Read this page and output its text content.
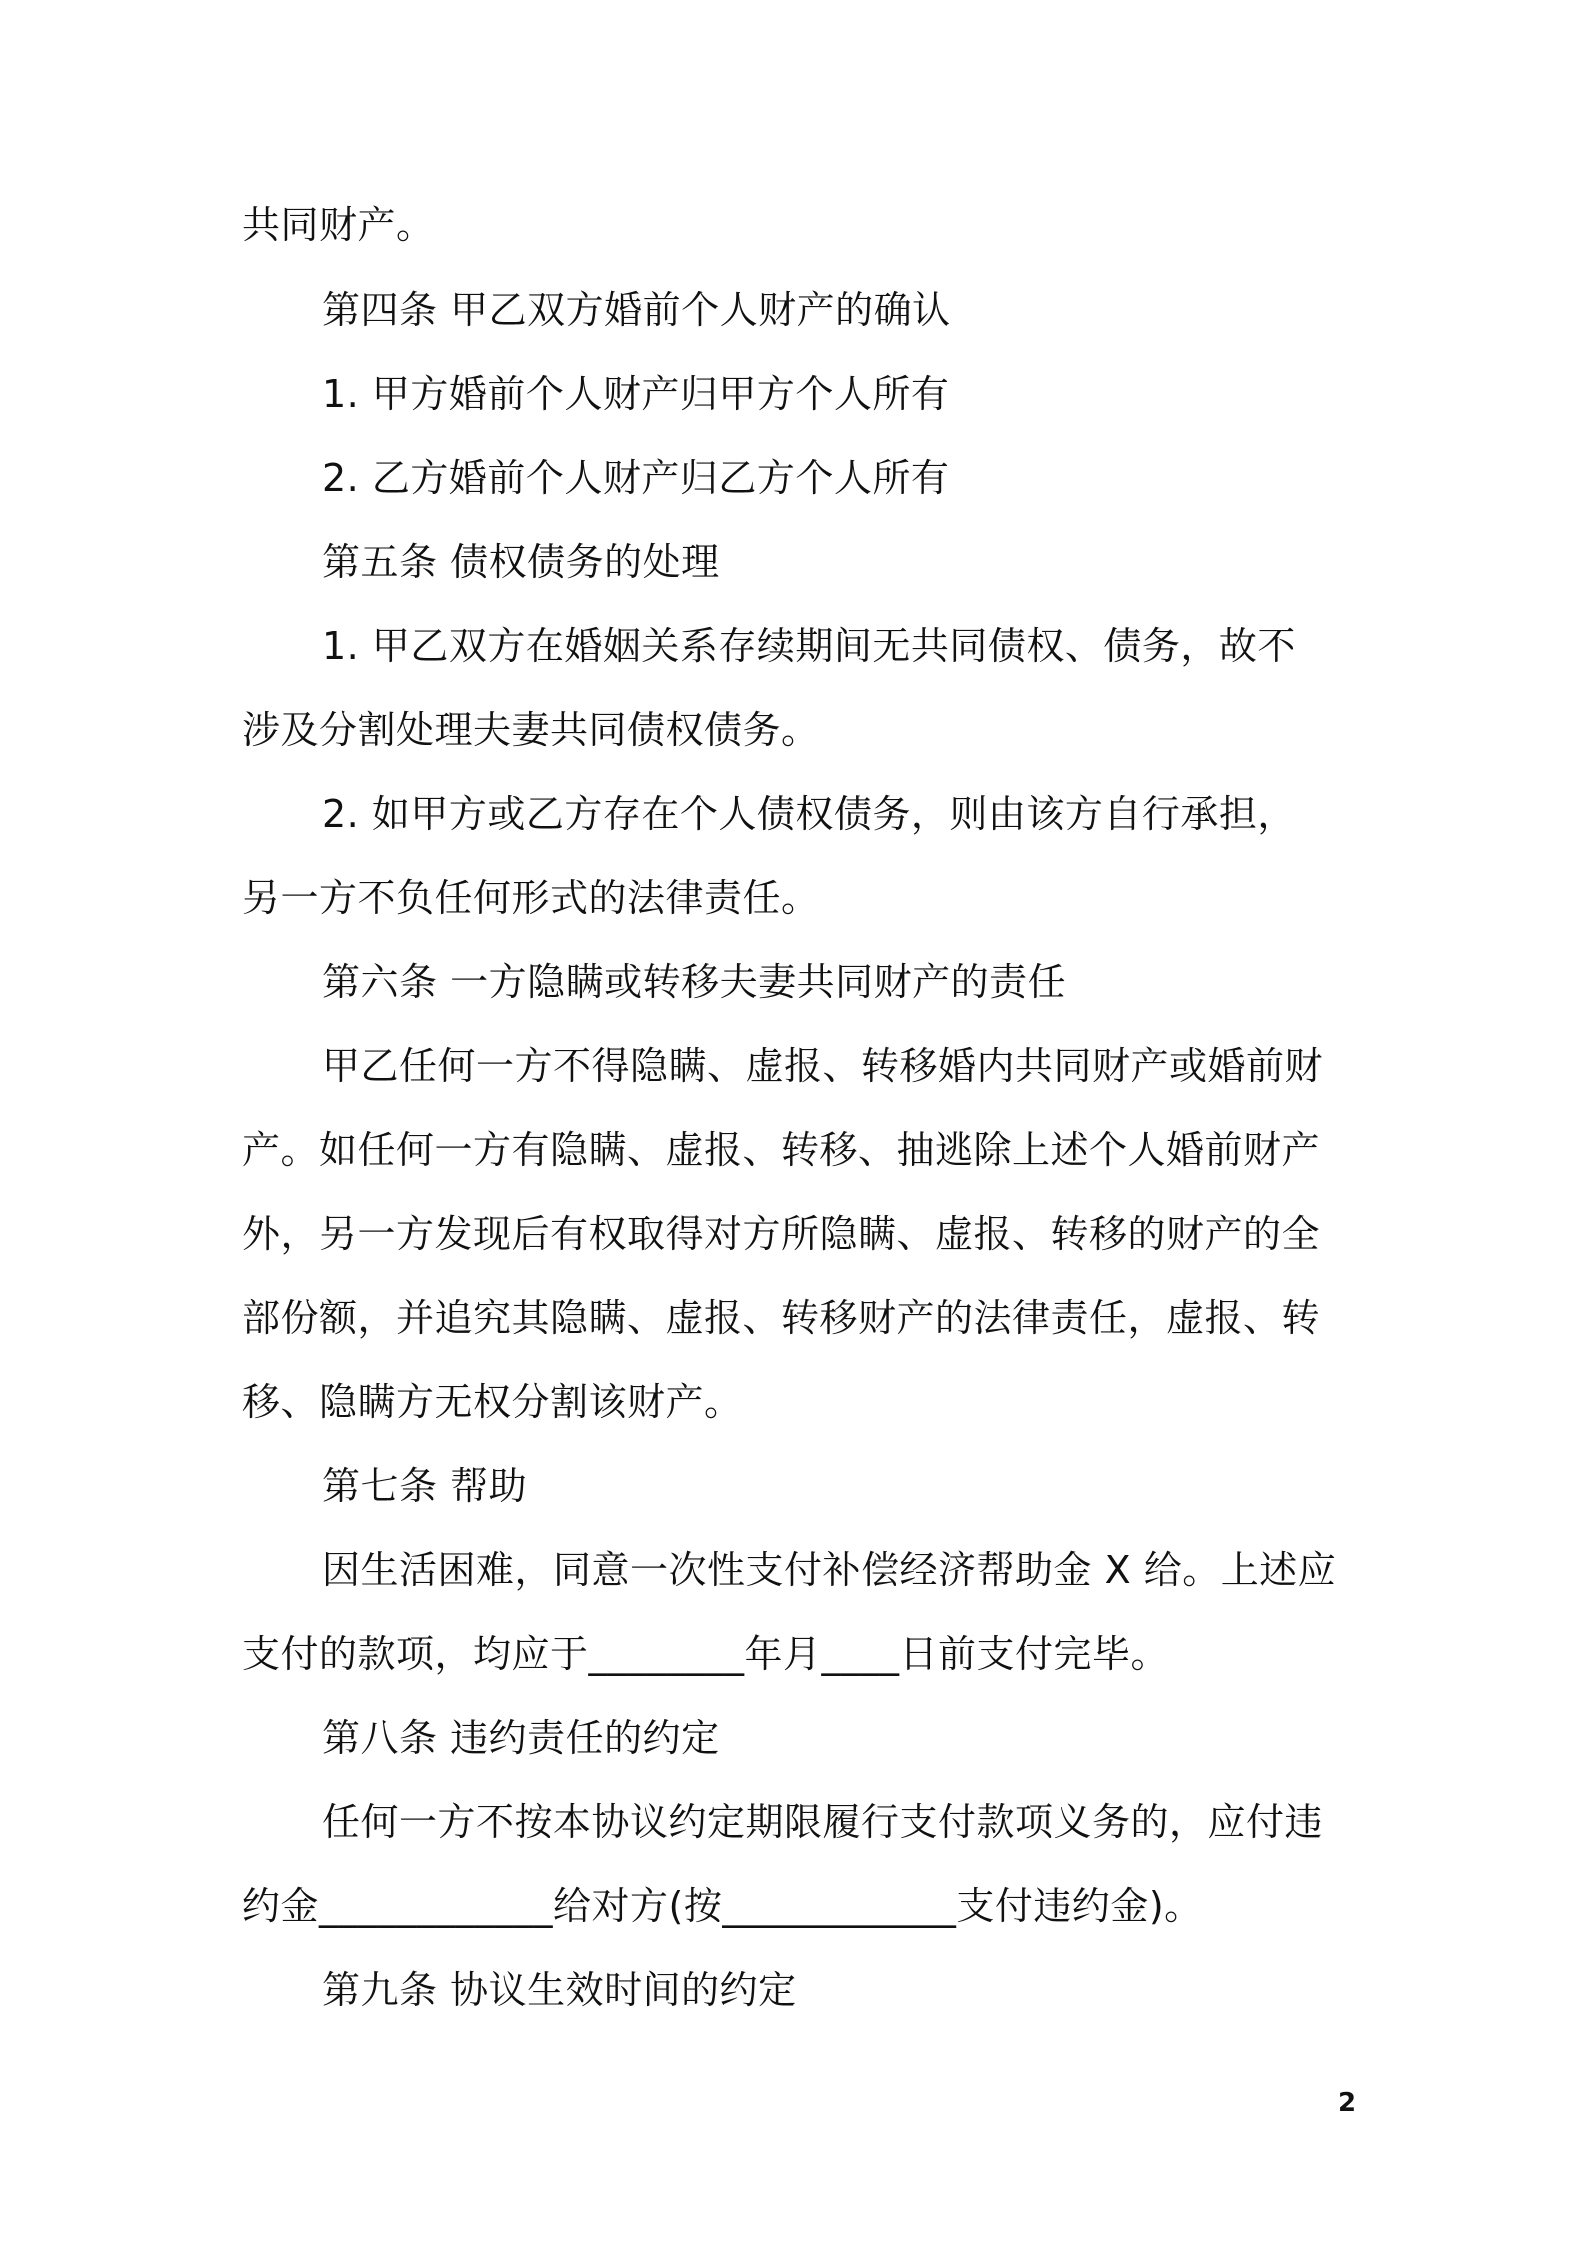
共同财产。
第四条 甲乙双方婚前个人财产的确认
1. 甲方婚前个人财产归甲方个人所有
2. 乙方婚前个人财产归乙方个人所有
第五条 债权债务的处理
1. 甲乙双方在婚姻关系存续期间无共同债权、债务，故不
涉及分割处理夫妻共同债权债务。
2. 如甲方或乙方存在个人债权债务，则由该方自行承担，
另一方不负任何形式的法律责任。
第六条 一方隐瞒或转移夫妻共同财产的责任
甲乙任何一方不得隐瞒、虚报、转移婚内共同财产或婚前财
产。如任何一方有隐瞒、虚报、转移、抽逃除上述个人婚前财产
外，另一方发现后有权取得对方所隐瞒、虚报、转移的财产的全
部份额，并追究其隐瞒、虚报、转移财产的法律责任，虚报、转
移、隐瞒方无权分割该财产。
第七条 帮助
因生活困难，同意一次性支付补偿经济帮助金 X 给。上述应
支付的款项，均应于________年月____日前支付完毕。
第八条 违约责任的约定
任何一方不按本协议约定期限履行支付款项义务的，应付违
约金____________给对方(按____________支付违约金)。
第九条 协议生效时间的约定
2
